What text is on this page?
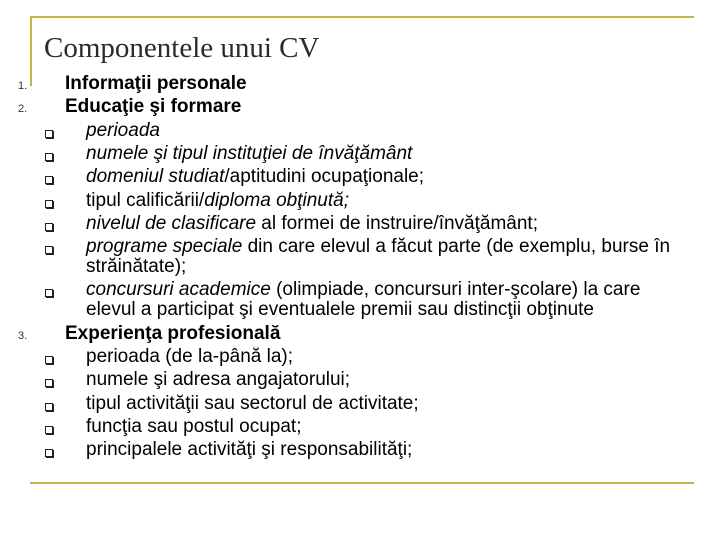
Componentele unui CV
1. Informaţii personale
2. Educaţie şi formare
perioada
numele şi tipul instituţiei de învăţământ
domeniul studiat/aptitudini ocupaţionale;
tipul calificării/diploma obţinută;
nivelul de clasificare al formei de instruire/învăţământ;
programe speciale din care elevul a făcut parte (de exemplu, burse în
străinătate);
concursuri academice (olimpiade, concursuri inter-şcolare) la care
elevul a participat şi eventualele premii sau distincţii obţinute
3. Experienţa profesională
perioada (de la-până la);
numele şi adresa angajatorului;
tipul activităţii sau sectorul de activitate;
funcţia sau postul ocupat;
principalele activităţi şi responsabilităţi;
